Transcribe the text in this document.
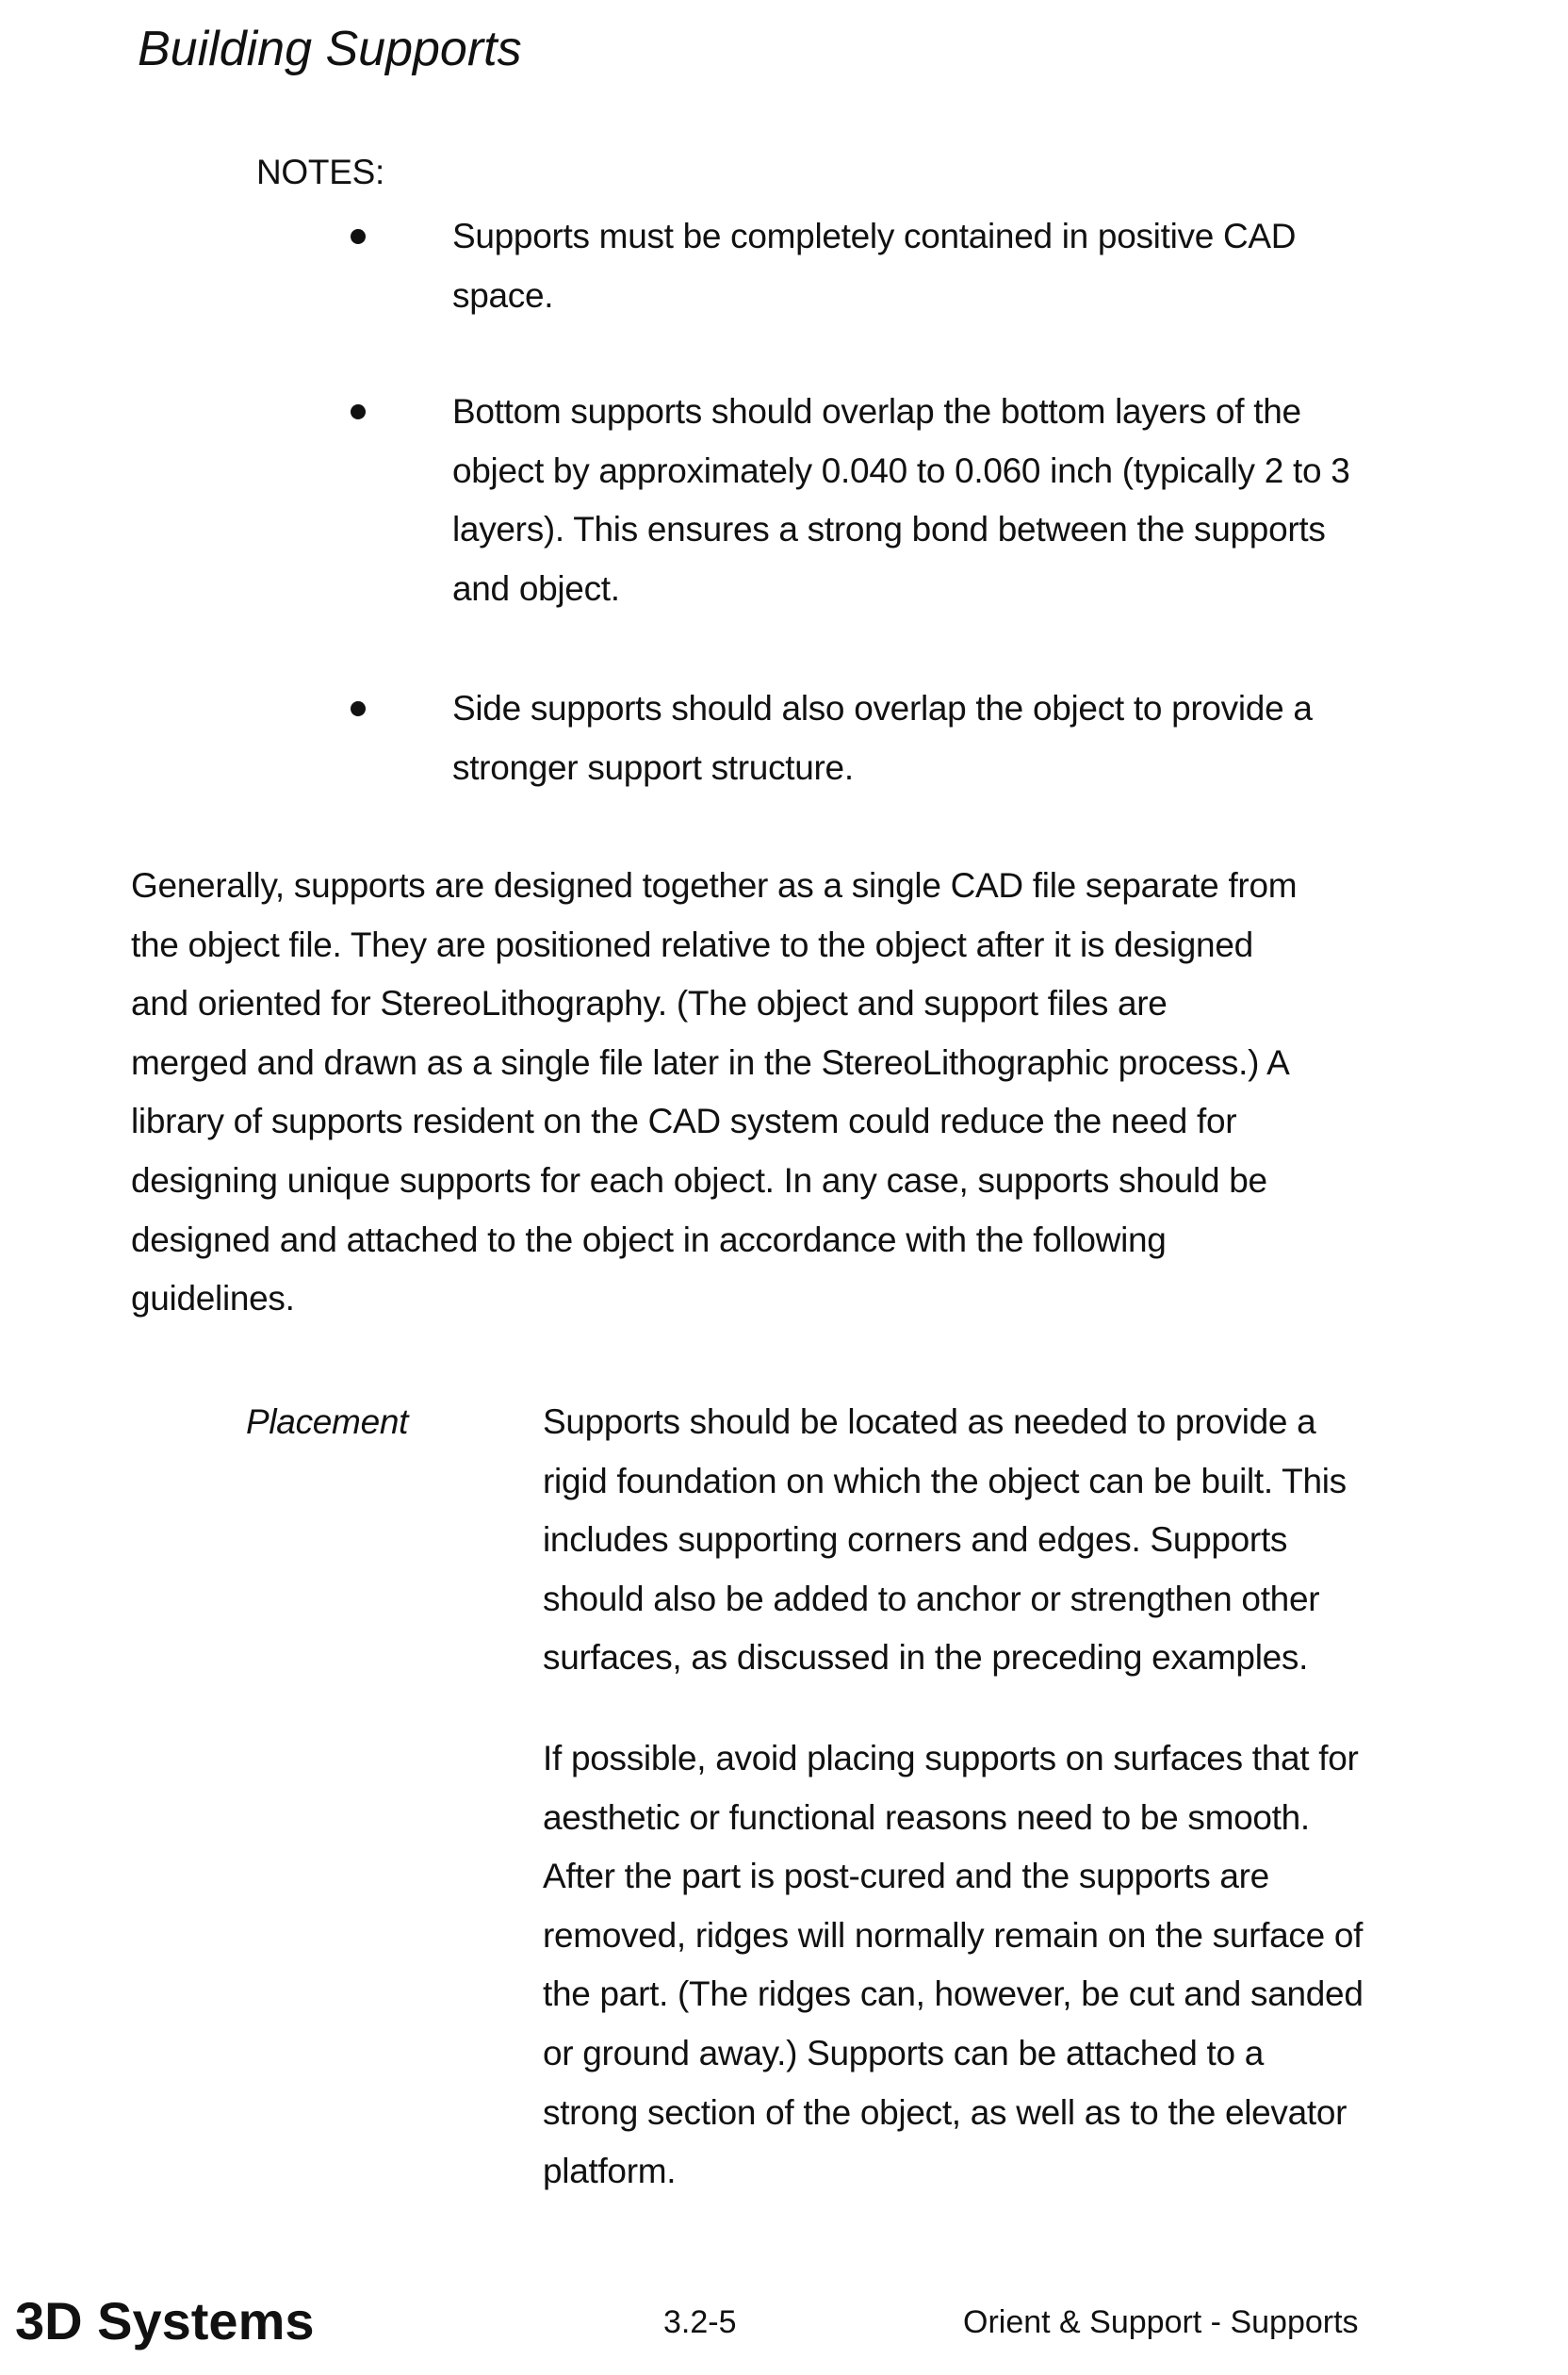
Building Supports
NOTES:
Supports must be completely contained in positive CAD
space.
Bottom supports should overlap the bottom layers of the
object by approximately 0.040 to 0.060 inch (typically 2 to 3
layers). This ensures a strong bond between the supports
and object.
Side supports should also overlap the object to provide a
stronger support structure.
Generally, supports are designed together as a single CAD file separate from
the object file. They are positioned relative to the object after it is designed
and oriented for StereoLithography. (The object and support files are
merged and drawn as a single file later in the StereoLithographic process.) A
library of supports resident on the CAD system could reduce the need for
designing unique supports for each object. In any case, supports should be
designed and attached to the object in accordance with the following
guidelines.
Placement	Supports should be located as needed to provide a
rigid foundation on which the object can be built. This
includes supporting corners and edges. Supports
should also be added to anchor or strengthen other
surfaces, as discussed in the preceding examples.
If possible, avoid placing supports on surfaces that for
aesthetic or functional reasons need to be smooth.
After the part is post-cured and the supports are
removed, ridges will normally remain on the surface of
the part. (The ridges can, however, be cut and sanded
or ground away.) Supports can be attached to a
strong section of the object, as well as to the elevator
platform.
3D Systems	3.2-5	Orient & Support - Supports
